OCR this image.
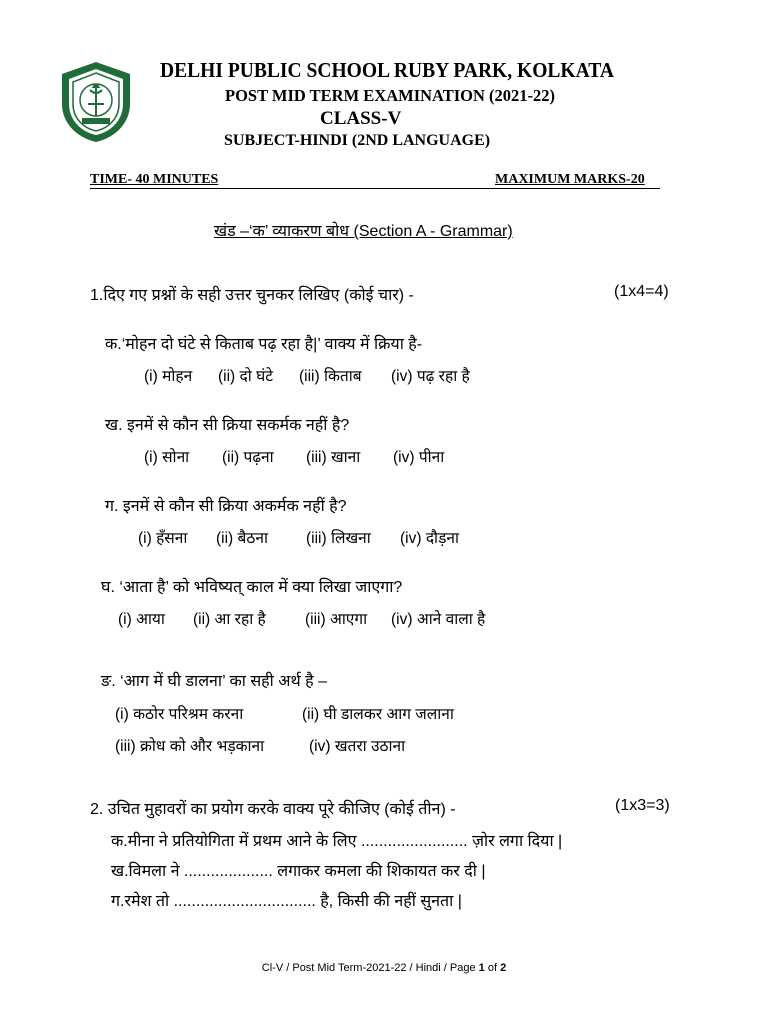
DELHI PUBLIC SCHOOL RUBY PARK, KOLKATA
POST MID TERM EXAMINATION (2021-22)
CLASS-V
SUBJECT-HINDI (2ND LANGUAGE)
TIME- 40 MINUTES	MAXIMUM MARKS-20
खंड –‘क’ व्याकरण बोध (Section A - Grammar)
1.दिए गए प्रश्नों के सही उत्तर चुनकर लिखिए (कोई चार) -	(1x4=4)
क.‘मोहन दो घंटे से किताब पढ़ रहा है|’ वाक्य में क्रिया है-
(i) मोहन (ii) दो घंटे (iii) किताब (iv) पढ़ रहा है
ख. इनमें से कौन सी क्रिया सकर्मक नहीं है?
(i) सोना (ii) पढ़ना (iii) खाना (iv) पीना
ग. इनमें से कौन सी क्रिया अकर्मक नहीं है?
(i) हँसना (ii) बैठना (iii) लिखना (iv) दौड़ना
घ. ‘आता है’ को भविष्यत् काल में क्या लिखा जाएगा?
(i) आया (ii) आ रहा है	(iii) आएगा (iv) आने वाला है
ङ. ‘आग में घी डालना’ का सही अर्थ है –
(i) कठोर परिश्रम करना	(ii) घी डालकर आग जलाना
(iii) क्रोध को और भड़काना	(iv) खतरा उठाना
2. उचित मुहावरों का प्रयोग करके वाक्य पूरे कीजिए (कोई तीन) -	(1x3=3)
क.मीना ने प्रतियोगिता में प्रथम आने के लिए ........................ ज़ोर लगा दिया |
ख.विमला ने .................... लगाकर कमला की शिकायत कर दी |
ग.रमेश तो ................................ है, किसी की नहीं सुनता |
Cl-V / Post Mid Term-2021-22 / Hindi / Page 1 of 2
